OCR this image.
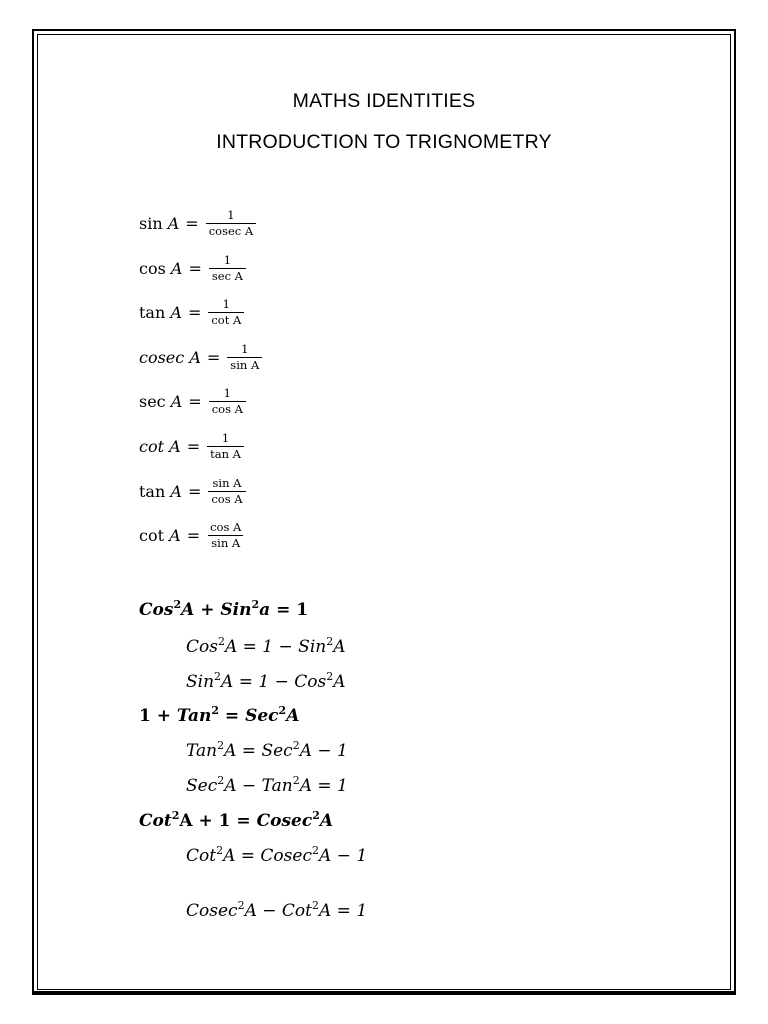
MATHS IDENTITIES
INTRODUCTION TO TRIGNOMETRY
$\sin A = \frac{1}{\text{cosec A}}$
$\cos A = \frac{1}{\text{sec A}}$
$\tan A = \frac{1}{\text{cot A}}$
cosec $A = \frac{1}{\text{sin A}}$
$\sec A = \frac{1}{\text{cos A}}$
$\cot A = \frac{1}{\text{tan A}}$
$\tan A = \frac{\text{sin A}}{\text{cos A}}$
$\cot A = \frac{\text{cos A}}{\text{sin A}}$
Cos$^2$A + Sin$^2$a = 1
Cos$^2$A = 1 − Sin$^2$A
Sin$^2$A = 1 − Cos$^2$A
1 + Tan$^2$ = Sec$^2$A
Tan$^2$A = Sec$^2$A − 1
Sec$^2$A − Tan$^2$A = 1
Cot$^2$A + 1 = Cosec$^2$A
Cot$^2$A = Cosec$^2$A − 1
Cosec$^2$A − Cot$^2$A = 1
